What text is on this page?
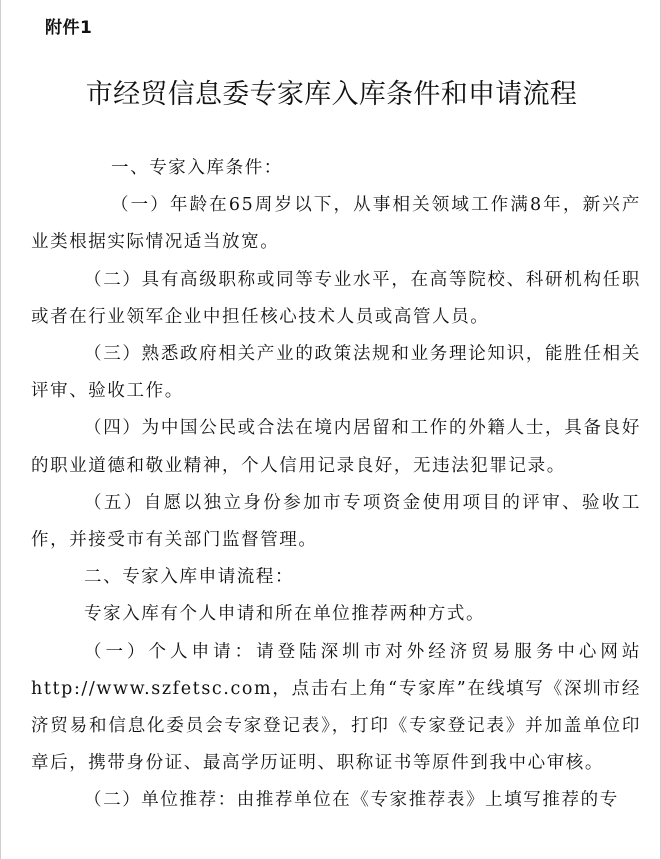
附件1
市经贸信息委专家库入库条件和申请流程

一、专家入库条件：

（一）年龄在65周岁以下，从事相关领域工作满8年，新兴产业类根据实际情况适当放宽。

（二）具有高级职称或同等专业水平，在高等院校、科研机构任职或者在行业领军企业中担任核心技术人员或高管人员。

（三）熟悉政府相关产业的政策法规和业务理论知识，能胜任相关评审、验收工作。

（四）为中国公民或合法在境内居留和工作的外籍人士，具备良好的职业道德和敬业精神，个人信用记录良好，无违法犯罪记录。

（五）自愿以独立身份参加市专项资金使用项目的评审、验收工作，并接受市有关部门监督管理。

二、专家入库申请流程：

专家入库有个人申请和所在单位推荐两种方式。

（一）个人申请：请登陆深圳市对外经济贸易服务中心网站http://www.szfetsc.com，点击右上角“专家库”在线填写《深圳市经济贸易和信息化委员会专家登记表》，打印《专家登记表》并加盖单位印章后，携带身份证、最高学历证明、职称证书等原件到我中心审核。

（二）单位推荐：由推荐单位在《专家推荐表》上填写推荐的专
